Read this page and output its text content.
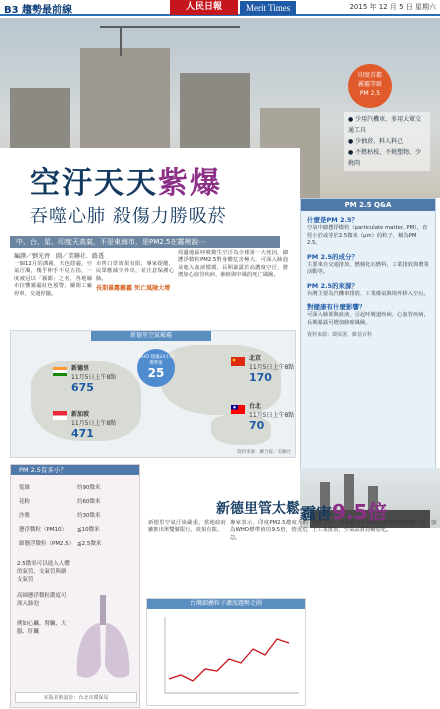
B3 趨勢最前線	人民日報	Merit Times	2015 年 12 月 5 日 星期六
印度首都
霧霾等級
PM 2.5
● 少用汽機車、多用大眾交通工具
● 少抽菸、料人料己
● 不燃枯枝、不燒塑物、少燒肉
空汙天天紫爆
吞噬心肺 殺傷力勝吸菸
中、台、星、印度天高氣，不是東海市，是PM2.5在霧裡說⋯
編譯／劉光齊　圖／美聯社．路透
一個12月的溝霧，天色陰霾，空氣汙濁，幾乎伸手不見五指，一度被冠以「霧都」之名，各地縣市拉響霧霾紅色預警，關閉工廠停車，交通停擺。
市售口罩效果有限，專家提醒，民眾應減少外出，並注意保護心肺。
長期暴露霧霾 死亡風險大增
周邊地區呼吸衛生空汙為全球第一大死因，細懸浮微粒PM2.5對身體危害極大，可深入肺泡並進入血液循環，長期暴露於高濃度空汙，將增加心血管疾病、肺癌與中風的死亡風險。
PM 2.5 Q&A
什麼是PM 2.5？
空氣中細懸浮微粒（particulate matter, PM），直徑小於或等於2.5微米（µm）的粒子，稱為PM 2.5。
PM 2.5的成分？
主要來自交通排放、燃燒化石燃料、工業排放與農業活動等。
PM 2.5的來源？
台灣主要為汽機車排放、工業廢氣與境外移入空污。
對健康有什麼影響？
可深入肺部與血液，引起呼吸道疾病、心血管疾病，長期暴露可增加肺癌風險。
資料來源：環保署、維基百科
新德里空氣霧霾
WHO 建議24小時標準值
25
新德里
11月5日上午8點
675
新加坡
11月5日上午8點
471
北京
11月5日上午8點
170
台北
11月5日上午8點
70
資料來源：聯合報／美聯社
PM 2.5有多小？
髮絲	約90微米
花粉	約60微米
沙塵	約30微米
懸浮微粒（PM10） ≦10微米
細懸浮微粒（PM2.5） ≦2.5微米
2.5微米可以進入人體的氣管、支氣管與細支氣管
高細懸浮微粒濃度可深入肺泡
例如心臟、腎臟、大腦、肝臟
本版美術設計：台北市環保局
新德里管太鬆 霾害9.5倍
新德里空氣汙染嚴重，當地政府雖推出單雙號限行，效果有限。
專家表示，印度PM2.5濃度大約為WHO標準值的9.5倍，情況危急。
印度當局一直未能有效管制汽車排放和燃燒垃圾，加上工業排放，空氣品質持續惡化。
台灣細懸粒子濃度趨勢走圖
